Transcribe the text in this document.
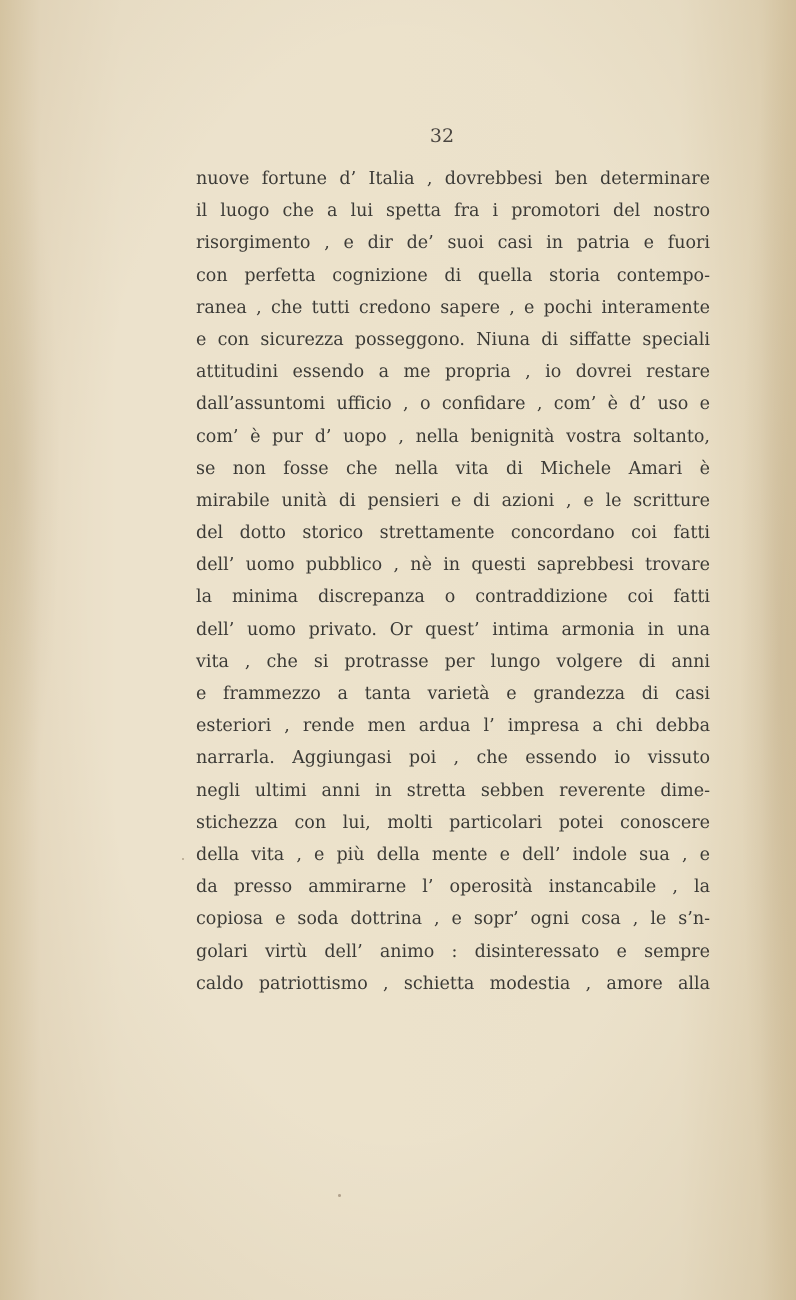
32
nuove fortune d’ Italia , dovrebbesi ben determinare
il luogo che a lui spetta fra i promotori del nostro
risorgimento , e dir de’ suoi casi in patria e fuori
con perfetta cognizione di quella storia contempo-
ranea , che tutti credono sapere , e pochi interamente
e con sicurezza posseggono. Niuna di siffatte speciali
attitudini essendo a me propria , io dovrei restare
dall’assuntomi ufficio , o confidare , com’ è d’ uso e
com’ è pur d’ uopo , nella benignità vostra soltanto,
se non fosse che nella vita di Michele Amari è
mirabile unità di pensieri e di azioni , e le scritture
del dotto storico strettamente concordano coi fatti
dell’ uomo pubblico , nè in questi saprebbesi trovare
la minima discrepanza o contraddizione coi fatti
dell’ uomo privato. Or quest’ intima armonia in una
vita , che si protrasse per lungo volgere di anni
e frammezzo a tanta varietà e grandezza di casi
esteriori , rende men ardua l’ impresa a chi debba
narrarla. Aggiungasi poi , che essendo io vissuto
negli ultimi anni in stretta sebben reverente dime-
stichezza con lui, molti particolari potei conoscere
della vita , e più della mente e dell’ indole sua , e
da presso ammirarne l’ operosità instancabile , la
copiosa e soda dottrina , e sopr’ ogni cosa , le s’n-
golari virtù dell’ animo : disinteressato e sempre
caldo patriottismo , schietta modestia , amore alla
